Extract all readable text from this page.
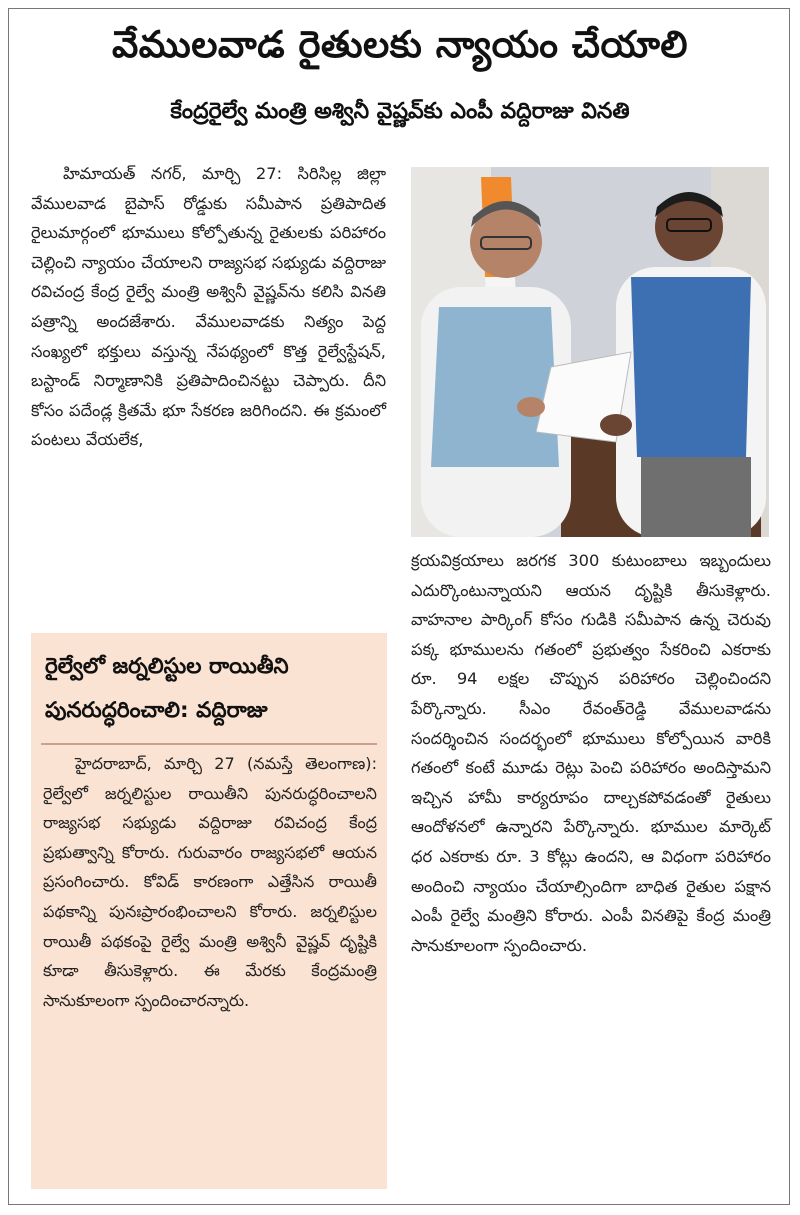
వేములవాడ రైతులకు న్యాయం చేయాలి
కేంద్రరైల్వే మంత్రి అశ్వినీ వైష్ణవ్‌కు ఎంపీ వద్దిరాజు వినతి
హిమాయత్ నగర్, మార్చి 27: సిరిసిల్ల జిల్లా వేములవాడ బైపాస్ రోడ్డుకు సమీపాన ప్రతిపాదిత రైలుమార్గంలో భూములు కోల్పోతున్న రైతులకు పరిహారం చెల్లించి న్యాయం చేయాలని రాజ్యసభ సభ్యుడు వద్దిరాజు రవిచంద్ర కేంద్ర రైల్వే మంత్రి అశ్వినీ వైష్ణవ్‌ను కలిసి వినతి పత్రాన్ని అందజేశారు. వేములవాడకు నిత్యం పెద్ద సంఖ్యలో భక్తులు వస్తున్న నేపథ్యంలో కొత్త రైల్వేస్టేషన్, బస్టాండ్ నిర్మాణానికి ప్రతిపాదించినట్టు చెప్పారు. దీని కోసం పదేండ్ల క్రితమే భూ సేకరణ జరిగిందని. ఈ క్రమంలో పంటలు వేయలేక,
క్రయవిక్రయాలు జరగక 300 కుటుంబాలు ఇబ్బందులు ఎదుర్కొంటున్నాయని ఆయన దృష్టికి తీసుకెళ్లారు. వాహనాల పార్కింగ్ కోసం గుడికి సమీపాన ఉన్న చెరువు పక్క భూములను గతంలో ప్రభుత్వం సేకరించి ఎకరాకు రూ. 94 లక్షల చొప్పున పరిహారం చెల్లించిందని పేర్కొన్నారు. సీఎం రేవంత్‌రెడ్డి వేములవాడను సందర్శించిన సందర్భంలో భూములు కోల్పోయిన వారికి గతంలో కంటే మూడు రెట్లు పెంచి పరిహారం అందిస్తామని ఇచ్చిన హామీ కార్యరూపం దాల్చకపోవడంతో రైతులు ఆందోళనలో ఉన్నారని పేర్కొన్నారు. భూముల మార్కెట్ ధర ఎకరాకు రూ. 3 కోట్లు ఉందని, ఆ విధంగా పరిహారం అందించి న్యాయం చేయాల్సిందిగా బాధిత రైతుల పక్షాన ఎంపీ రైల్వే మంత్రిని కోరారు. ఎంపీ వినతిపై కేంద్ర మంత్రి సానుకూలంగా స్పందించారు.
రైల్వేలో జర్నలిస్టుల రాయితీని పునరుద్ధరించాలి: వద్దిరాజు
హైదరాబాద్, మార్చి 27 (నమస్తే తెలంగాణ): రైల్వేలో జర్నలిస్టుల రాయితీని పునరుద్ధరించాలని రాజ్యసభ సభ్యుడు వద్దిరాజు రవిచంద్ర కేంద్ర ప్రభుత్వాన్ని కోరారు. గురువారం రాజ్యసభలో ఆయన ప్రసంగించారు. కోవిడ్ కారణంగా ఎత్తేసిన రాయితీ పథకాన్ని పునఃప్రారంభించాలని కోరారు. జర్నలిస్టుల రాయితీ పథకంపై రైల్వే మంత్రి అశ్వినీ వైష్ణవ్ దృష్టికి కూడా తీసుకెళ్లారు. ఈ మేరకు కేంద్రమంత్రి సానుకూలంగా స్పందించారన్నారు.
